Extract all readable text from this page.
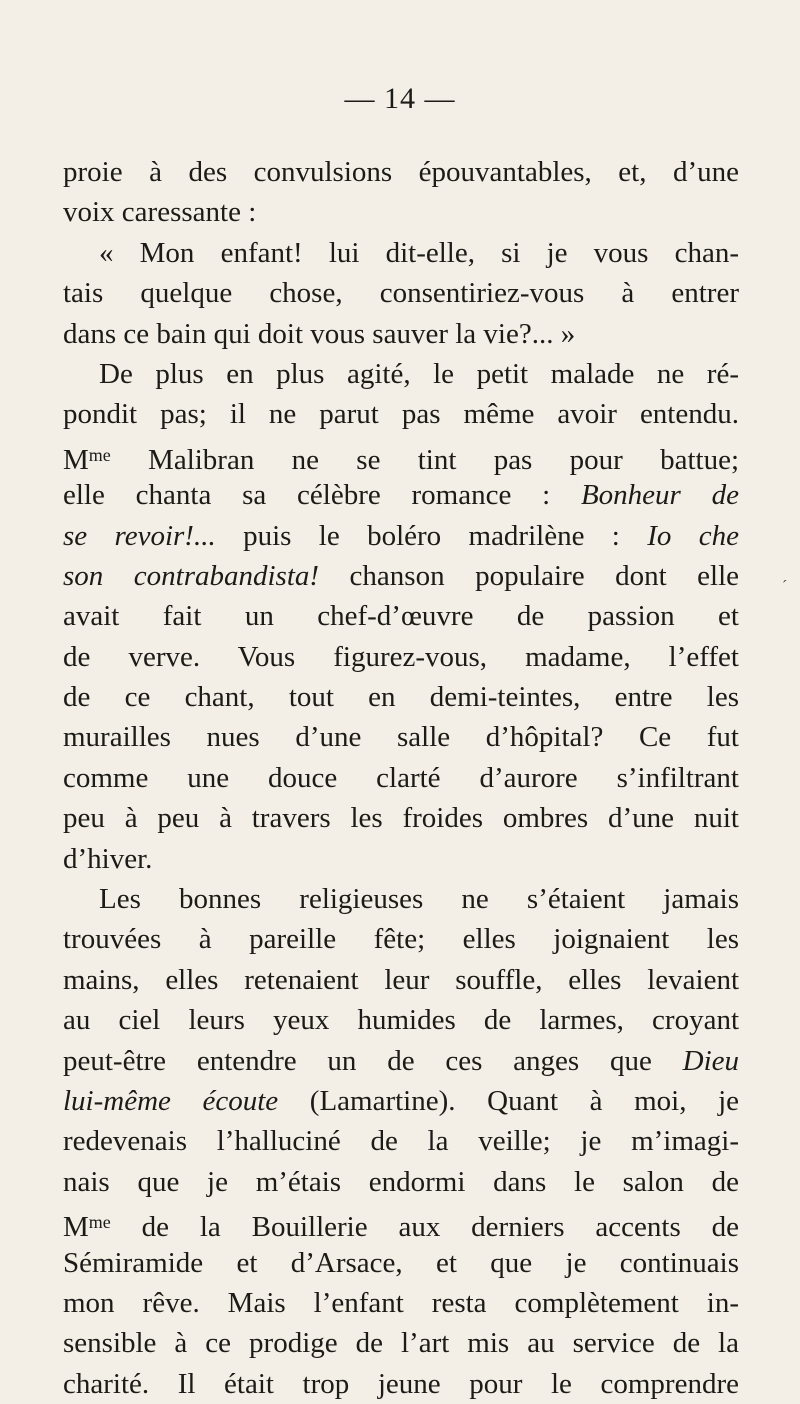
— 14 —
proie à des convulsions épouvantables, et, d’une
voix caressante :
« Mon enfant! lui dit-elle, si je vous chan-
tais quelque chose, consentiriez-vous à entrer
dans ce bain qui doit vous sauver la vie?... »
De plus en plus agité, le petit malade ne ré-
pondit pas; il ne parut pas même avoir entendu.
$M^{me}$ Malibran ne se tint pas pour battue;
elle chanta sa célèbre romance : Bonheur de
se revoir!... puis le boléro madrilène : Io che
son contrabandista! chanson populaire dont elle
avait fait un chef-d’œuvre de passion et
de verve. Vous figurez-vous, madame, l’effet
de ce chant, tout en demi-teintes, entre les
murailles nues d’une salle d’hôpital? Ce fut
comme une douce clarté d’aurore s’infiltrant
peu à peu à travers les froides ombres d’une nuit
d’hiver.
Les bonnes religieuses ne s’étaient jamais
trouvées à pareille fête; elles joignaient les
mains, elles retenaient leur souffle, elles levaient
au ciel leurs yeux humides de larmes, croyant
peut-être entendre un de ces anges que Dieu
lui-même écoute (Lamartine). Quant à moi, je
redevenais l’halluciné de la veille; je m’imagi-
nais que je m’étais endormi dans le salon de
$M^{me}$ de la Bouillerie aux derniers accents de
Sémiramide et d’Arsace, et que je continuais
mon rêve. Mais l’enfant resta complètement in-
sensible à ce prodige de l’art mis au service de la
charité. Il était trop jeune pour le comprendre
´
